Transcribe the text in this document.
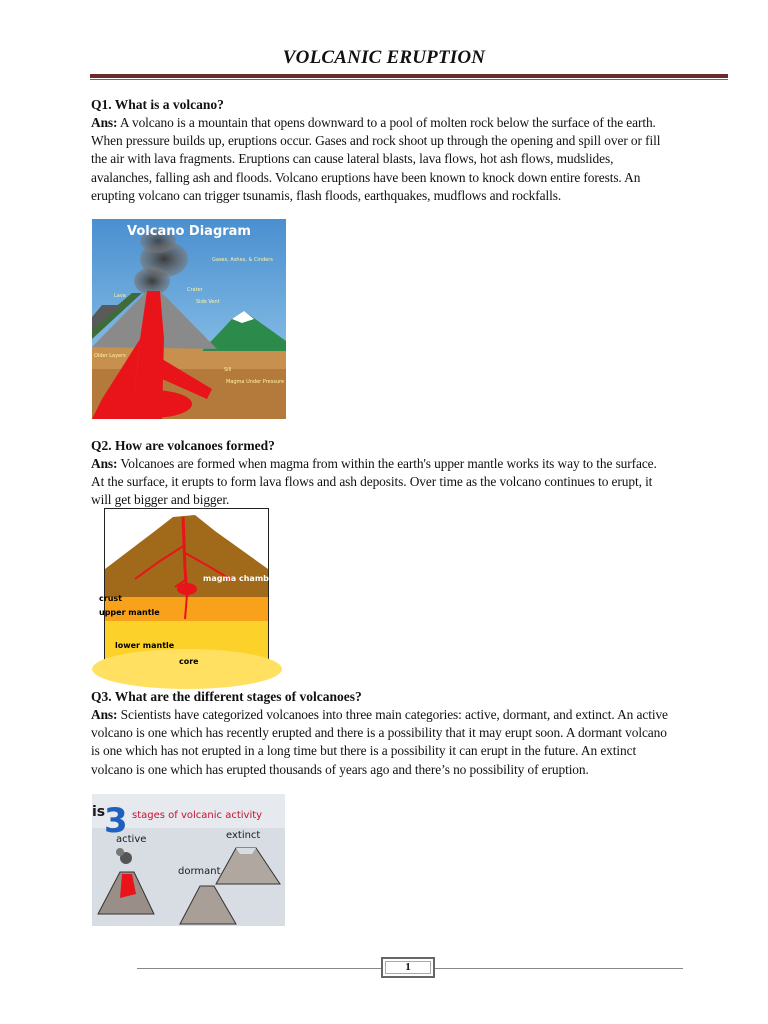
VOLCANIC ERUPTION
Q1. What is a volcano?
Ans: A volcano is a mountain that opens downward to a pool of molten rock below the surface of the earth. When pressure builds up, eruptions occur. Gases and rock shoot up through the opening and spill over or fill the air with lava fragments. Eruptions can cause lateral blasts, lava flows, hot ash flows, mudslides, avalanches, falling ash and floods. Volcano eruptions have been known to knock down entire forests. An erupting volcano can trigger tsunamis, flash floods, earthquakes, mudflows and rockfalls.
Volcano Diagram
Gases, Ashes, & Cinders
Crater
Lava
Side Vent
Older Layers
Sill
Magma Under Pressure
Q2. How are volcanoes formed?
Ans: Volcanoes are formed when magma from within the earth's upper mantle works its way to the surface. At the surface, it erupts to form lava flows and ash deposits. Over time as the volcano continues to erupt, it will get bigger and bigger.
magma chamber
crust
upper mantle
lower mantle
core
Q3. What are the different stages of volcanoes?
Ans: Scientists have categorized volcanoes into three main categories: active, dormant, and extinct. An active volcano is one which has recently erupted and there is a possibility that it may erupt soon. A dormant volcano is one which has not erupted in a long time but there is a possibility it can erupt in the future. An extinct volcano is one which has erupted thousands of years ago and there’s no possibility of eruption.
is
3 stages of volcanic activity
active
dormant
extinct
1
